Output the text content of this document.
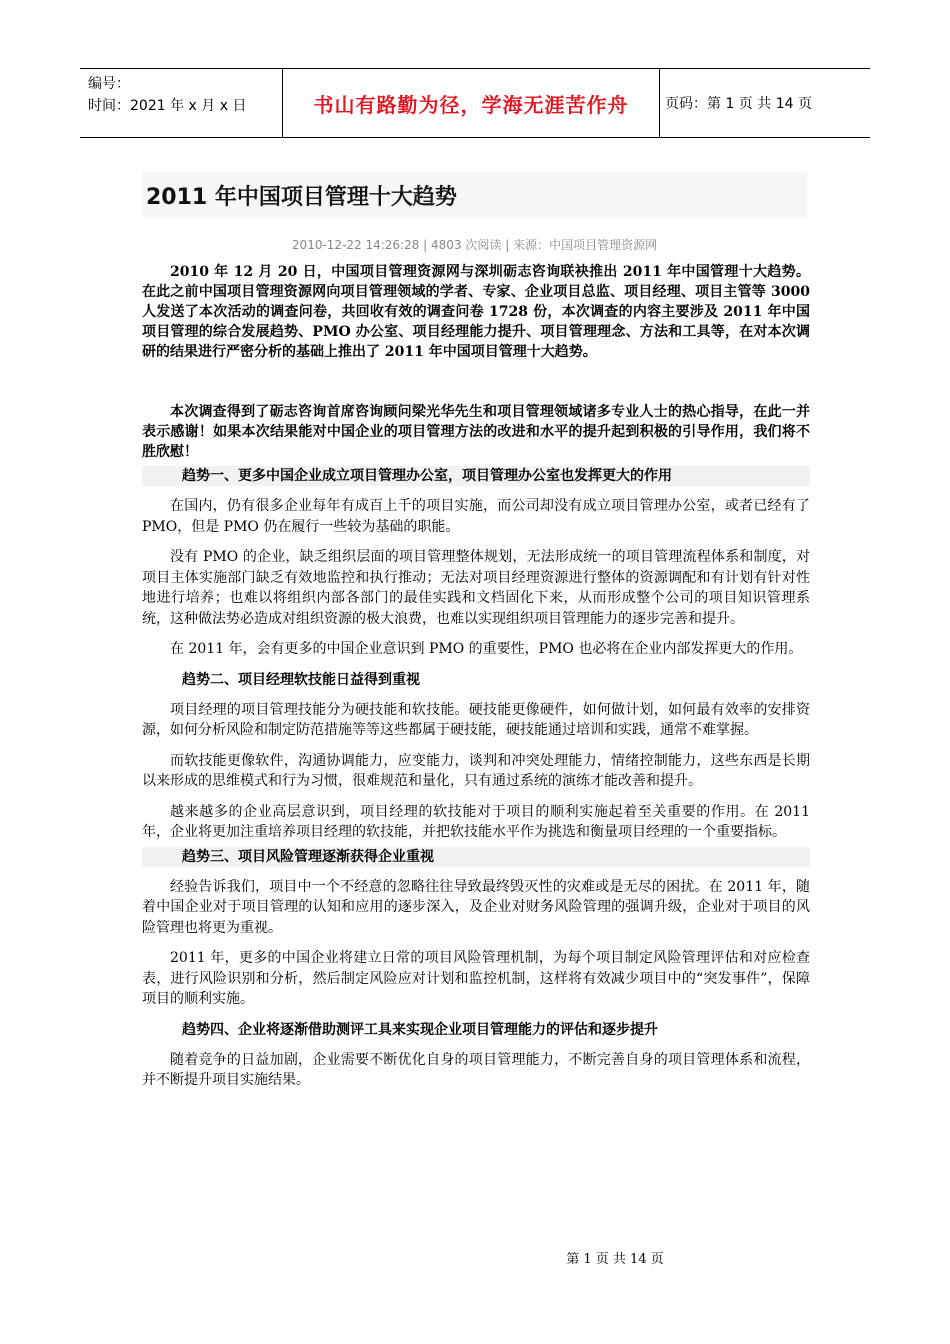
编号：
时间：2021 年 x 月 x 日	书山有路勤为径，学海无涯苦作舟	页码：第 1 页 共 14 页
2011 年中国项目管理十大趋势
2010-12-22 14:26:28 | 4803 次阅读 | 来源：中国项目管理资源网

2010 年 12 月 20 日，中国项目管理资源网与深圳砺志咨询联袂推出 2011 年中国管理十大趋势。在此之前中国项目管理资源网向项目管理领域的学者、专家、企业项目总监、项目经理、项目主管等 3000 人发送了本次活动的调查问卷，共回收有效的调查问卷 1728 份，本次调查的内容主要涉及 2011 年中国项目管理的综合发展趋势、PMO 办公室、项目经理能力提升、项目管理理念、方法和工具等，在对本次调研的结果进行严密分析的基础上推出了 2011 年中国项目管理十大趋势。

本次调查得到了砺志咨询首席咨询顾问梁光华先生和项目管理领域诸多专业人士的热心指导，在此一并表示感谢！如果本次结果能对中国企业的项目管理方法的改进和水平的提升起到积极的引导作用，我们将不胜欣慰！

趋势一、更多中国企业成立项目管理办公室，项目管理办公室也发挥更大的作用

在国内，仍有很多企业每年有成百上千的项目实施，而公司却没有成立项目管理办公室，或者已经有了 PMO，但是 PMO 仍在履行一些较为基础的职能。

没有 PMO 的企业，缺乏组织层面的项目管理整体规划，无法形成统一的项目管理流程体系和制度，对项目主体实施部门缺乏有效地监控和执行推动；无法对项目经理资源进行整体的资源调配和有计划有针对性地进行培养；也难以将组织内部各部门的最佳实践和文档固化下来，从而形成整个公司的项目知识管理系统，这种做法势必造成对组织资源的极大浪费，也难以实现组织项目管理能力的逐步完善和提升。

在 2011 年，会有更多的中国企业意识到 PMO 的重要性，PMO 也必将在企业内部发挥更大的作用。

趋势二、项目经理软技能日益得到重视

项目经理的项目管理技能分为硬技能和软技能。硬技能更像硬件，如何做计划，如何最有效率的安排资源，如何分析风险和制定防范措施等等这些都属于硬技能，硬技能通过培训和实践，通常不难掌握。

而软技能更像软件，沟通协调能力，应变能力，谈判和冲突处理能力，情绪控制能力，这些东西是长期以来形成的思维模式和行为习惯，很难规范和量化，只有通过系统的演练才能改善和提升。

越来越多的企业高层意识到，项目经理的软技能对于项目的顺利实施起着至关重要的作用。在 2011 年，企业将更加注重培养项目经理的软技能，并把软技能水平作为挑选和衡量项目经理的一个重要指标。

趋势三、项目风险管理逐渐获得企业重视

经验告诉我们，项目中一个不经意的忽略往往导致最终毁灭性的灾难或是无尽的困扰。在 2011 年，随着中国企业对于项目管理的认知和应用的逐步深入，及企业对财务风险管理的强调升级，企业对于项目的风险管理也将更为重视。

2011 年，更多的中国企业将建立日常的项目风险管理机制，为每个项目制定风险管理评估和对应检查表，进行风险识别和分析，然后制定风险应对计划和监控机制，这样将有效减少项目中的“突发事件”，保障项目的顺利实施。

趋势四、企业将逐渐借助测评工具来实现企业项目管理能力的评估和逐步提升

随着竞争的日益加剧，企业需要不断优化自身的项目管理能力，不断完善自身的项目管理体系和流程，并不断提升项目实施结果。

第 1 页 共 14 页
